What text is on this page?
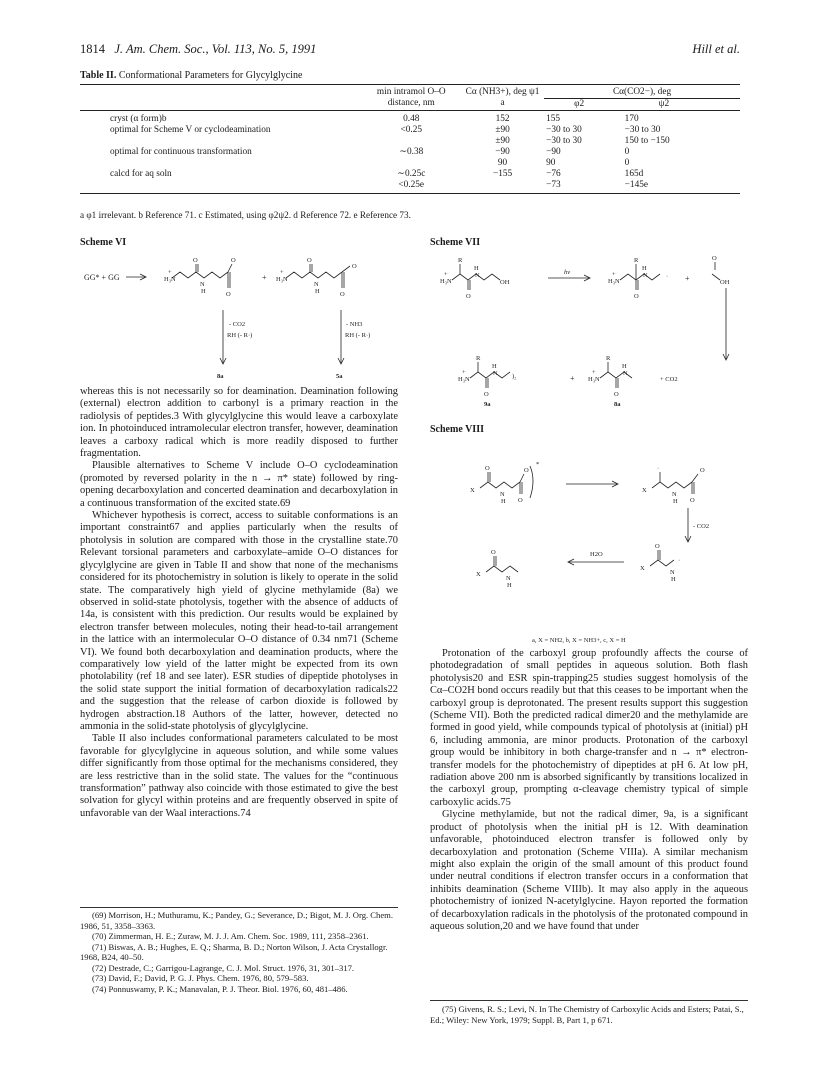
1814 J. Am. Chem. Soc., Vol. 113, No. 5, 1991	Hill et al.
Table II. Conformational Parameters for Glycylglycine
	min intramol O–O distance, nm	Cα (NH3+), deg ψ1 a	Cα(CO2−), deg	
			φ2	ψ2
cryst (α form)b	0.48	152	155	170
optimal for Scheme V or cyclodeamination	<0.25	±90	−30 to 30	−30 to 30
		±90	−30 to 30	150 to −150
optimal for continuous transformation	∼0.38	−90	−90	0
		90	90	0
calcd for aq soln	∼0.25c	−155	−76	165d
	<0.25e		−73	−145e
a φ1 irrelevant. b Reference 71. c Estimated, using φ2ψ2. d Reference 72. e Reference 73.
Scheme VI
GG* + GG	H₃N
+
O
N
H
O
O
+ H₃N
+
O
N
H
O
O
- CO2
RH (- R·)
- NH3
RH (- R·)
8a	5a
Scheme VII
R
H₃N
+
H
N
O
OH
hv
R
H₃N
+
H
N
O
· +
O
OH
R
H₃N
+
H
N
O
)₂
9a
+
R
H₃N
+
H
N
O
8a
+ CO2
Scheme VIII
X
O
N
H
O
O
*
X
·
N
H
O
O
- CO2
H2O
X
O
N
H
X
O
N
H
·
a, X = NH2, b, X = NH3+, c, X = H

whereas this is not necessarily so for deamination. Deamination following (external) electron addition to carbonyl is a primary reaction in the radiolysis of peptides.3 With glycylglycine this would leave a carboxylate ion. In photoinduced intramolecular electron transfer, however, deamination leaves a carboxy radical which is more readily disposed to further fragmentation.

Plausible alternatives to Scheme V include O–O cyclodeamination (promoted by reversed polarity in the n → π* state) followed by ring-opening decarboxylation and concerted deamination and decarboxylation in a continuous transformation of the excited state.69

Whichever hypothesis is correct, access to suitable conformations is an important constraint67 and applies particularly when the results of photolysis in solution are compared with those in the crystalline state.70 Relevant torsional parameters and carboxylate–amide O–O distances for glycylglycine are given in Table II and show that none of the mechanisms considered for its photochemistry in solution is likely to operate in the solid state. The comparatively high yield of glycine methylamide (8a) we observed in solid-state photolysis, together with the absence of adducts of 14a, is consistent with this prediction. Our results would be explained by electron transfer between molecules, noting their head-to-tail arrangement in the lattice with an intermolecular O–O distance of 0.34 nm71 (Scheme VI). We found both decarboxylation and deamination products, where the comparatively low yield of the latter might be expected from its own photolability (ref 18 and see later). ESR studies of dipeptide photolyses in the solid state support the initial formation of decarboxylation radicals22 and the suggestion that the release of carbon dioxide is followed by hydrogen abstraction.18 Authors of the latter, however, detected no ammonia in the solid-state photolysis of glycylglycine.

Table II also includes conformational parameters calculated to be most favorable for glycylglycine in aqueous solution, and while some values differ significantly from those optimal for the mechanisms considered, they are less restrictive than in the solid state. The values for the “continuous transformation” pathway also coincide with those estimated to give the best solvation for glycyl within proteins and are frequently observed in spite of unfavorable van der Waal interactions.74

Protonation of the carboxyl group profoundly affects the course of photodegradation of small peptides in aqueous solution. Both flash photolysis20 and ESR spin-trapping25 studies suggest homolysis of the Cα–CO2H bond occurs readily but that this ceases to be important when the carboxyl group is deprotonated. The present results support this suggestion (Scheme VII). Both the predicted radical dimer20 and the methylamide are formed in good yield, while compounds typical of photolysis at (initial) pH 6, including ammonia, are minor products. Protonation of the carboxyl group would be inhibitory in both charge-transfer and n → π* electron-transfer models for the photochemistry of dipeptides at pH 6. At low pH, radiation above 200 nm is absorbed significantly by transitions localized in the carboxyl group, prompting α-cleavage chemistry typical of simple carboxylic acids.75

Glycine methylamide, but not the radical dimer, 9a, is a significant product of photolysis when the initial pH is 12. With deamination unfavorable, photoinduced electron transfer is followed only by decarboxylation and protonation (Scheme VIIIa). A similar mechanism might also explain the origin of the small amount of this product found under neutral conditions if electron transfer occurs in a conformation that inhibits deamination (Scheme VIIIb). It may also apply in the aqueous photochemistry of ionized N-acetylglycine. Hayon reported the formation of decarboxylation radicals in the photolysis of the protonated compound in aqueous solution,20 and we have found that under

(69) Morrison, H.; Muthuramu, K.; Pandey, G.; Severance, D.; Bigot, M. J. Org. Chem. 1986, 51, 3358–3363.
(70) Zimmerman, H. E.; Zuraw, M. J. J. Am. Chem. Soc. 1989, 111, 2358–2361.
(71) Biswas, A. B.; Hughes, E. Q.; Sharma, B. D.; Norton Wilson, J. Acta Crystallogr. 1968, B24, 40–50.
(72) Destrade, C.; Garrigou-Lagrange, C. J. Mol. Struct. 1976, 31, 301–317.
(73) David, F.; David, P. G. J. Phys. Chem. 1976, 80, 579–583.
(74) Ponnuswamy, P. K.; Manavalan, P. J. Theor. Biol. 1976, 60, 481–486.
(75) Givens, R. S.; Levi, N. In The Chemistry of Carboxylic Acids and Esters; Patai, S., Ed.; Wiley: New York, 1979; Suppl. B, Part 1, p 671.
